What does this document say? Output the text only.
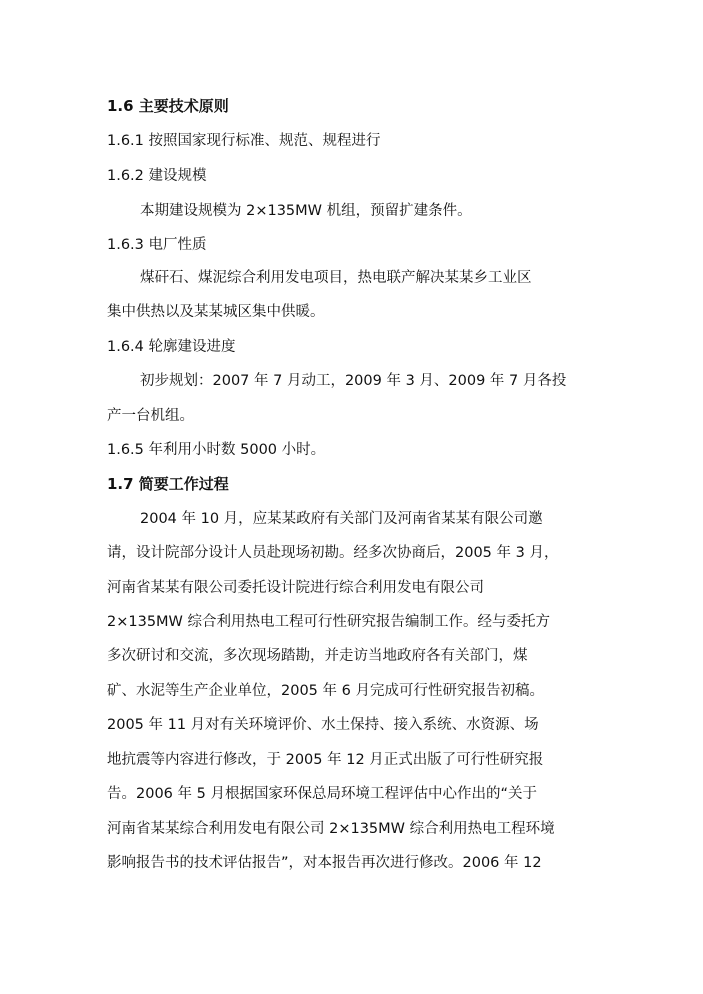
1.6 主要技术原则

1.6.1 按照国家现行标准、规范、规程进行

1.6.2 建设规模

本期建设规模为 2×135MW 机组，预留扩建条件。

1.6.3 电厂性质

煤矸石、煤泥综合利用发电项目，热电联产解决某某乡工业区

集中供热以及某某城区集中供暖。

1.6.4 轮廓建设进度

初步规划：2007 年 7 月动工，2009 年 3 月、2009 年 7 月各投

产一台机组。

1.6.5 年利用小时数 5000 小时。

1.7 简要工作过程

2004 年 10 月，应某某政府有关部门及河南省某某有限公司邀

请，设计院部分设计人员赴现场初勘。经多次协商后，2005 年 3 月，

河南省某某有限公司委托设计院进行综合利用发电有限公司

2×135MW 综合利用热电工程可行性研究报告编制工作。经与委托方

多次研讨和交流，多次现场踏勘，并走访当地政府各有关部门，煤

矿、水泥等生产企业单位，2005 年 6 月完成可行性研究报告初稿。

2005 年 11 月对有关环境评价、水土保持、接入系统、水资源、场

地抗震等内容进行修改，于 2005 年 12 月正式出版了可行性研究报

告。2006 年 5 月根据国家环保总局环境工程评估中心作出的“关于

河南省某某综合利用发电有限公司 2×135MW 综合利用热电工程环境

影响报告书的技术评估报告”，对本报告再次进行修改。2006 年 12
